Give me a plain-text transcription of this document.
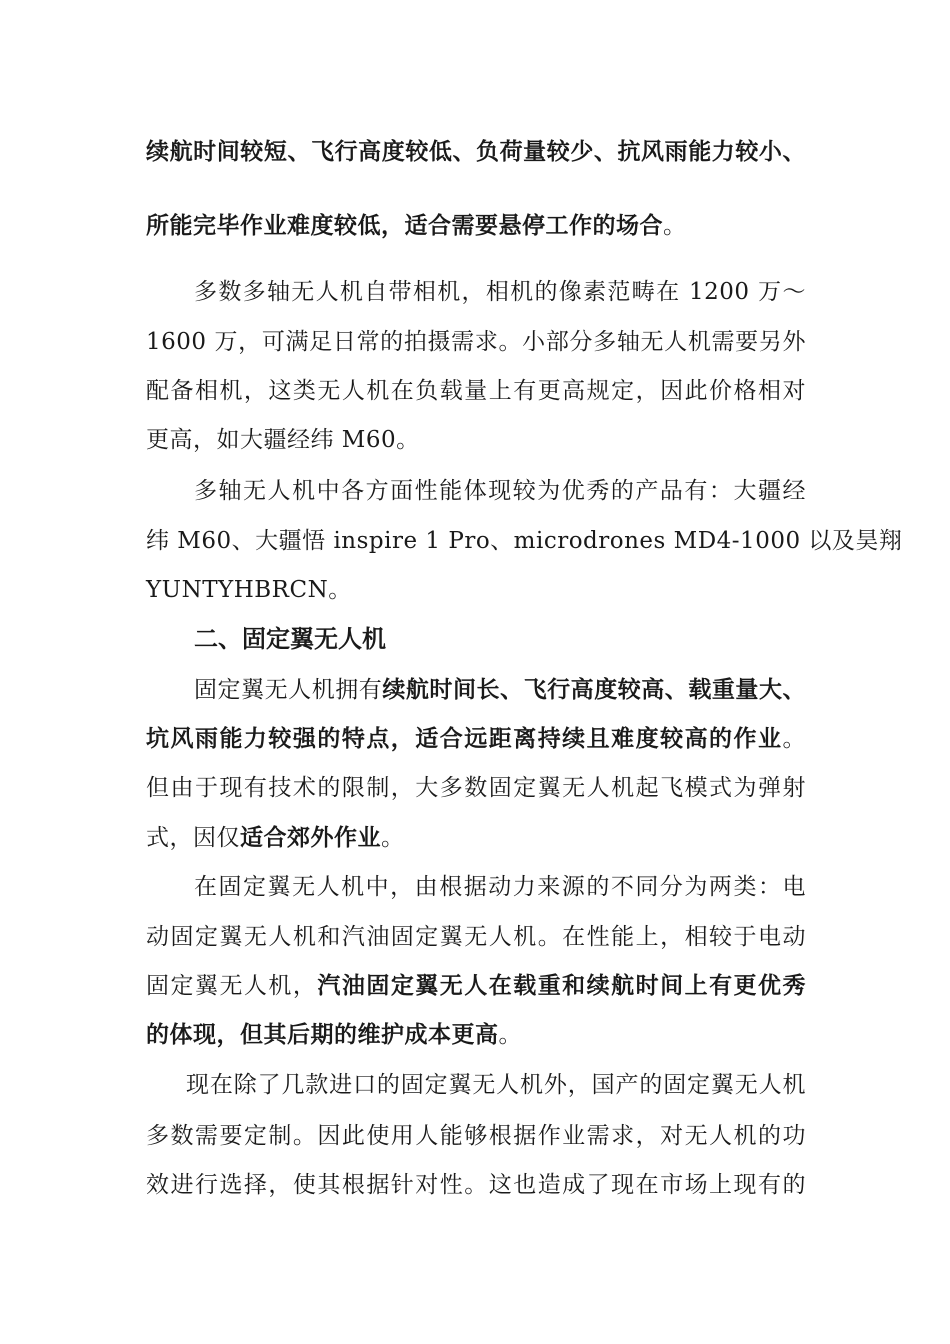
续航时间较短、飞行高度较低、负荷量较少、抗风雨能力较小、
所能完毕作业难度较低，适合需要悬停工作的场合。
多数多轴无人机自带相机，相机的像素范畴在 1200 万～
1600 万，可满足日常的拍摄需求。小部分多轴无人机需要另外
配备相机，这类无人机在负载量上有更高规定，因此价格相对
更高，如大疆经纬 M60。
多轴无人机中各方面性能体现较为优秀的产品有：大疆经
纬 M60、大疆悟 inspire 1 Pro、microdrones MD4-1000 以及昊翔
YUNTYHBRCN。
二、固定翼无人机
固定翼无人机拥有续航时间长、飞行高度较高、载重量大、
坑风雨能力较强的特点，适合远距离持续且难度较高的作业。
但由于现有技术的限制，大多数固定翼无人机起飞模式为弹射
式，因仅适合郊外作业。
在固定翼无人机中，由根据动力来源的不同分为两类：电
动固定翼无人机和汽油固定翼无人机。在性能上，相较于电动
固定翼无人机，汽油固定翼无人在载重和续航时间上有更优秀
的体现，但其后期的维护成本更高。
现在除了几款进口的固定翼无人机外，国产的固定翼无人机
多数需要定制。因此使用人能够根据作业需求，对无人机的功
效进行选择，使其根据针对性。这也造成了现在市场上现有的
